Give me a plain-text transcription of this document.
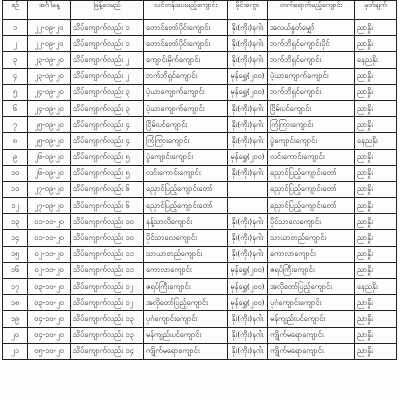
စဉ်	အင်္ဂါနေ့	ဖြန့်ဝေမည်	သင်တန်းပေးမည့်ကျောင်း	မိုင်အကွာ	တက်ရောက်မည့်ကျောင်း	မှတ်ချက်
၁	၂၂-၀၉-၂၀	သိပ်ကျောက်လည်း ၁	တောင်တော်ပိုင်းကျောင်း	နိုး(ကိုး)နဂါး	အလယ်နှုတ်မျှော်	ညာနှိုး
၂	၂၂-၀၉-၂၀	သိပ်ကျောက်လည်း ၁	တောင်တော်ပိုင်းကျောင်း	နိုး(ကိုး)နဂါး	ဘက်ဘိရှင်ကျောင်းပိုင်	ညာနှိုး
၃	၂၃-၀၉-၂၀	သိပ်ကျောက်လည်း ၂	ကျောင်းမိုက်ကျောင်း	နိုး(ကိုး)နဂါး	ဘက်ဘိရှင်ကျောင်း	နေညနိုး
၄	၂၃-၀၉-၂၀	သိပ်ကျောက်လည်း ၂	ဘက်ဘိရှင်ကျောင်း	မုန်ရွှေ(၂၀၀)	ပဲ့ယာကျောက်ကျောင်း	ညာနှိုး
၅	၂၄-၀၉-၂၀	သိပ်ကျောက်လည်း ၃	ပဲ့ယာကျောက်ကျောင်း	မုန်ရွှေ(၂၀၀)	ဘက်ဘိရှင်ကျောင်း	ညာနှိုး
၆	၂၄-၀၉-၂၀	သိပ်ကျောက်လည်း ၃	ပဲ့ယာကျောက်ကျောင်း	နိုး(ကိုး)နဂါး	ငြိမ်းပင်ကျောင်း	ညာနှိုး
၇	၂၅-၀၉-၂၀	သိပ်ကျောက်လည်း ၄	ငြိမ်းပင်ကျောင်း	နိုး(ကိုး)နဂါး	ကြံကြားကျောင်း	ညာနှိုး
၈	၂၅-၀၉-၂၀	သိပ်ကျောက်လည်း ၄	ကြံကြားကျောင်း	နိုး(ကိုး)နဂါး	ပွဲကျောင်းကျောင်း	နေညနိုး
၉	၂၆-၀၉-၂၀	သိပ်ကျောက်လည်း ၅	ပွဲကျောင်းကျောင်း	မုန်ရွှေ(၂၀၀)	လင်းကောင်းကျောင်း	ညာနှိုး
၁၀	၂၆-၀၉-၂၀	သိပ်ကျောက်လည်း ၅	လင်းကောင်းကျောင်း	နိုး(ကိုး)နဂါး	ညှောင်ပြည့်ကျောင်းတော်	ညာနှိုး
၁၁	၂၇-၀၉-၂၀	သိပ်ကျောက်လည်း ၆	ညှောင်ပြည့်ကျောင်းတော်		ညှောင်ပြည့်ကျောင်းတော်	ညာနှိုး
၁၂	၂၇-၀၉-၂၀	သိပ်ကျောက်လည်း ၆	ညှောင်ပြည့်ကျောင်းတော်		ညှောင်ပြည့်ကျောင်းတော်	ညာနှိုး
၁၃	၀၁-၁၀-၂၀	သိပ်ကျောက်လည်း ၁၀	နန့်သာလိကျောင်း	နိုး(ကိုး)နဂါး	ပိုင်သာလေကျောင်း	ညာနှိုး
၁၄	၀၁-၁၀-၂၀	သိပ်ကျောက်လည်း ၁၀	ပိုင်သာလေကျောင်း	နိုး(ကိုး)နဂါး	သာယာတည်ကျောင်း	ညာနှိုး
၁၅	၀၂-၁၀-၂၀	သိပ်ကျောက်လည်း ၁၁	သာယာတည်ကျောင်း	နိုး(ကိုး)နဂါး	ကောလာကျောင်း	ညာနှိုး
၁၆	၀၂-၁၀-၂၀	သိပ်ကျောက်လည်း ၁၁	ကောလာကျောင်း	မုန်ရွှေ(၂၀၀)	ဇရပ်ကြီးကျောင်း	ညာနှိုး
၁၇	၀၃-၁၀-၂၀	သိပ်ကျောက်လည်း ၁၂	ဇရပ်ကြီးကျောင်း	မုန်ရွှေ(၂၀၀)	အလိုတော်ပြည့်ကျောင်း	နေညနိုး
၁၈	၀၃-၁၀-၂၀	သိပ်ကျောက်လည်း ၁၂	အလိုတော်ပြည့်ကျောင်း	မုန်ရွှေ(၂၀၀)	ပုဂံကျောင်းကျောင်း	ညာနှိုး
၁၉	၀၄-၁၀-၂၀	သိပ်ကျောက်လည်း ၁၃	ပုဂံကျောင်းကျောင်း	နိုး(ကိုး)နဂါး	မန်ကျည်းပင်ကျောင်း	ညာနှိုး
၂၀	၀၄-၁၀-၂၀	သိပ်ကျောက်လည်း ၁၃	မန်ကျည်းပင်ကျောင်း	နိုး(ကိုး)နဂါး	ကျိုက်မရောကျောင်း	ညာနှိုး
၂၁	၀၅-၁၀-၂၀	သိပ်ကျောက်လည်း ၁၄	ကျိုက်မရောကျောင်း	နိုး(ကိုး)နဂါး	ကျိုက်မရောကျောင်း	ညာနှိုး
